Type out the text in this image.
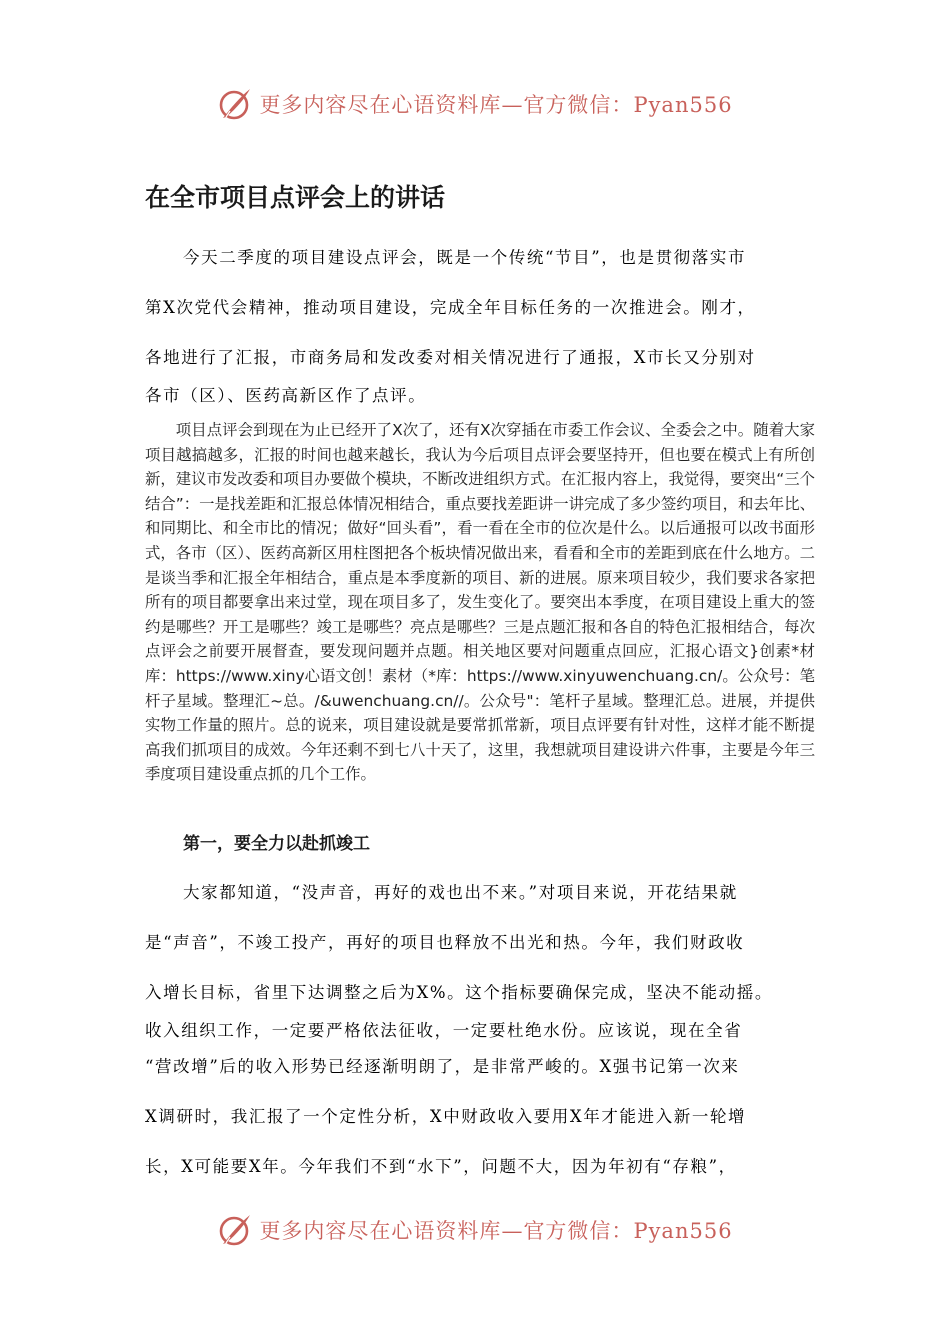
更多内容尽在心语资料库—官方微信：Pyan556
在全市项目点评会上的讲话
今天二季度的项目建设点评会，既是一个传统“节目”，也是贯彻落实市
第X次党代会精神，推动项目建设，完成全年目标任务的一次推进会。刚才，
各地进行了汇报，市商务局和发改委对相关情况进行了通报，X市长又分别对
各市（区）、医药高新区作了点评。

项目点评会到现在为止已经开了X次了，还有X次穿插在市委工作会议、全委会之中。随着大家项目越搞越多，汇报的时间也越来越长，我认为今后项目点评会要坚持开，但也要在模式上有所创新，建议市发改委和项目办要做个模块，不断改进组织方式。在汇报内容上，我觉得，要突出“三个结合”：一是找差距和汇报总体情况相结合，重点要找差距讲一讲完成了多少签约项目，和去年比、和同期比、和全市比的情况；做好“回头看”，看一看在全市的位次是什么。以后通报可以改书面形式，各市（区）、医药高新区用柱图把各个板块情况做出来，看看和全市的差距到底在什么地方。二是谈当季和汇报全年相结合，重点是本季度新的项目、新的进展。原来项目较少，我们要求各家把所有的项目都要拿出来过堂，现在项目多了，发生变化了。要突出本季度，在项目建设上重大的签约是哪些？开工是哪些？竣工是哪些？亮点是哪些？三是点题汇报和各自的特色汇报相结合，每次点评会之前要开展督查，要发现问题并点题。相关地区要对问题重点回应，汇报心语文}创素*材库：https://www.xiny心语文创！素材（*库：https://www.xinyuwenchuang.cn/。公众号：笔杆子星域。整理汇~总。/&uwenchuang.cn//。公众号"：笔杆子星域。整理汇总。进展，并提供实物工作量的照片。总的说来，项目建设就是要常抓常新，项目点评要有针对性，这样才能不断提高我们抓项目的成效。今年还剩不到七八十天了，这里，我想就项目建设讲六件事，主要是今年三季度项目建设重点抓的几个工作。

第一，要全力以赴抓竣工
大家都知道，“没声音，再好的戏也出不来。”对项目来说，开花结果就
是“声音”，不竣工投产，再好的项目也释放不出光和热。今年，我们财政收
入增长目标，省里下达调整之后为X%。这个指标要确保完成，坚决不能动摇。
收入组织工作，一定要严格依法征收，一定要杜绝水份。应该说，现在全省
“营改增”后的收入形势已经逐渐明朗了，是非常严峻的。X强书记第一次来
X调研时，我汇报了一个定性分析，X中财政收入要用X年才能进入新一轮增
长，X可能要X年。今年我们不到“水下”，问题不大，因为年初有“存粮”，
更多内容尽在心语资料库—官方微信：Pyan556
